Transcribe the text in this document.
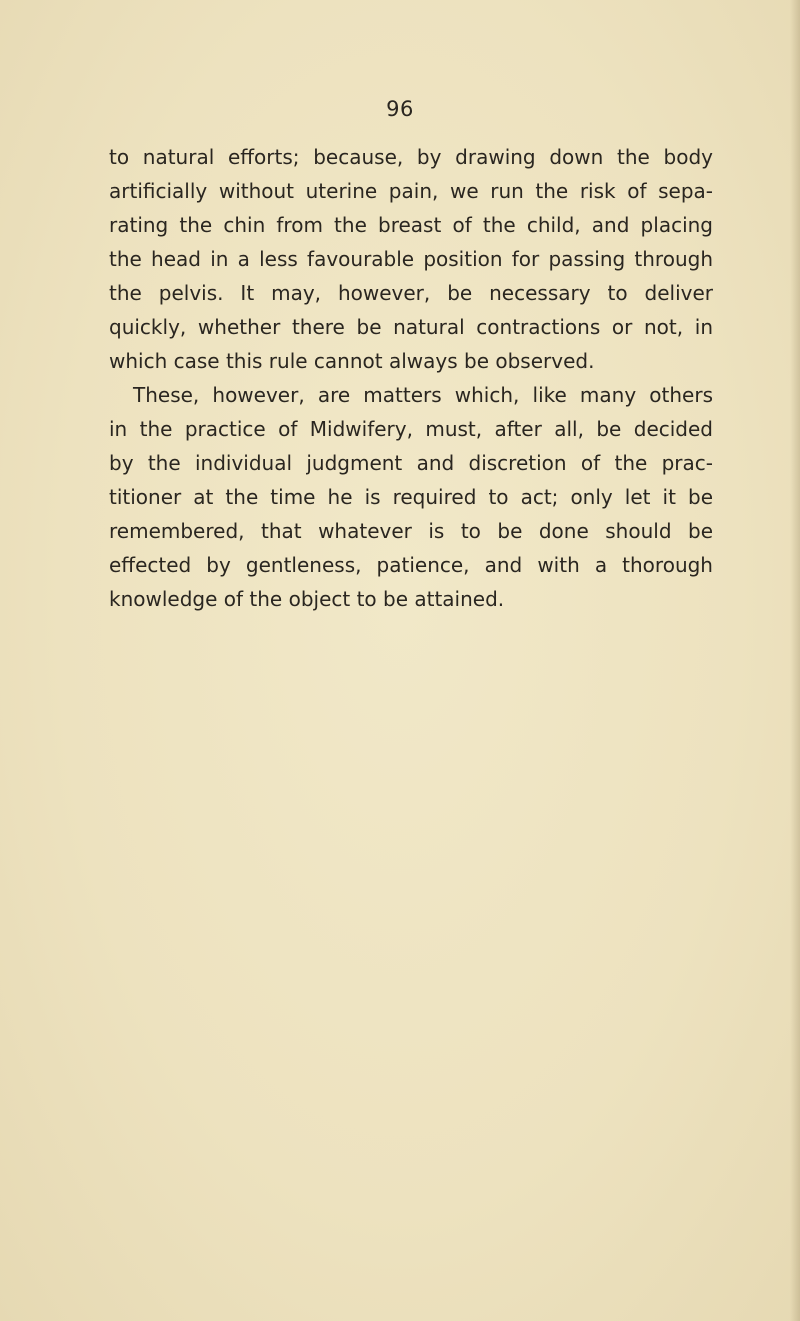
96
to natural efforts; because, by drawing down the body
artificially without uterine pain, we run the risk of sepa-
rating the chin from the breast of the child, and placing
the head in a less favourable position for passing through
the pelvis. It may, however, be necessary to deliver
quickly, whether there be natural contractions or not, in
which case this rule cannot always be observed.
These, however, are matters which, like many others
in the practice of Midwifery, must, after all, be decided
by the individual judgment and discretion of the prac-
titioner at the time he is required to act; only let it be
remembered, that whatever is to be done should be
effected by gentleness, patience, and with a thorough
knowledge of the object to be attained.
